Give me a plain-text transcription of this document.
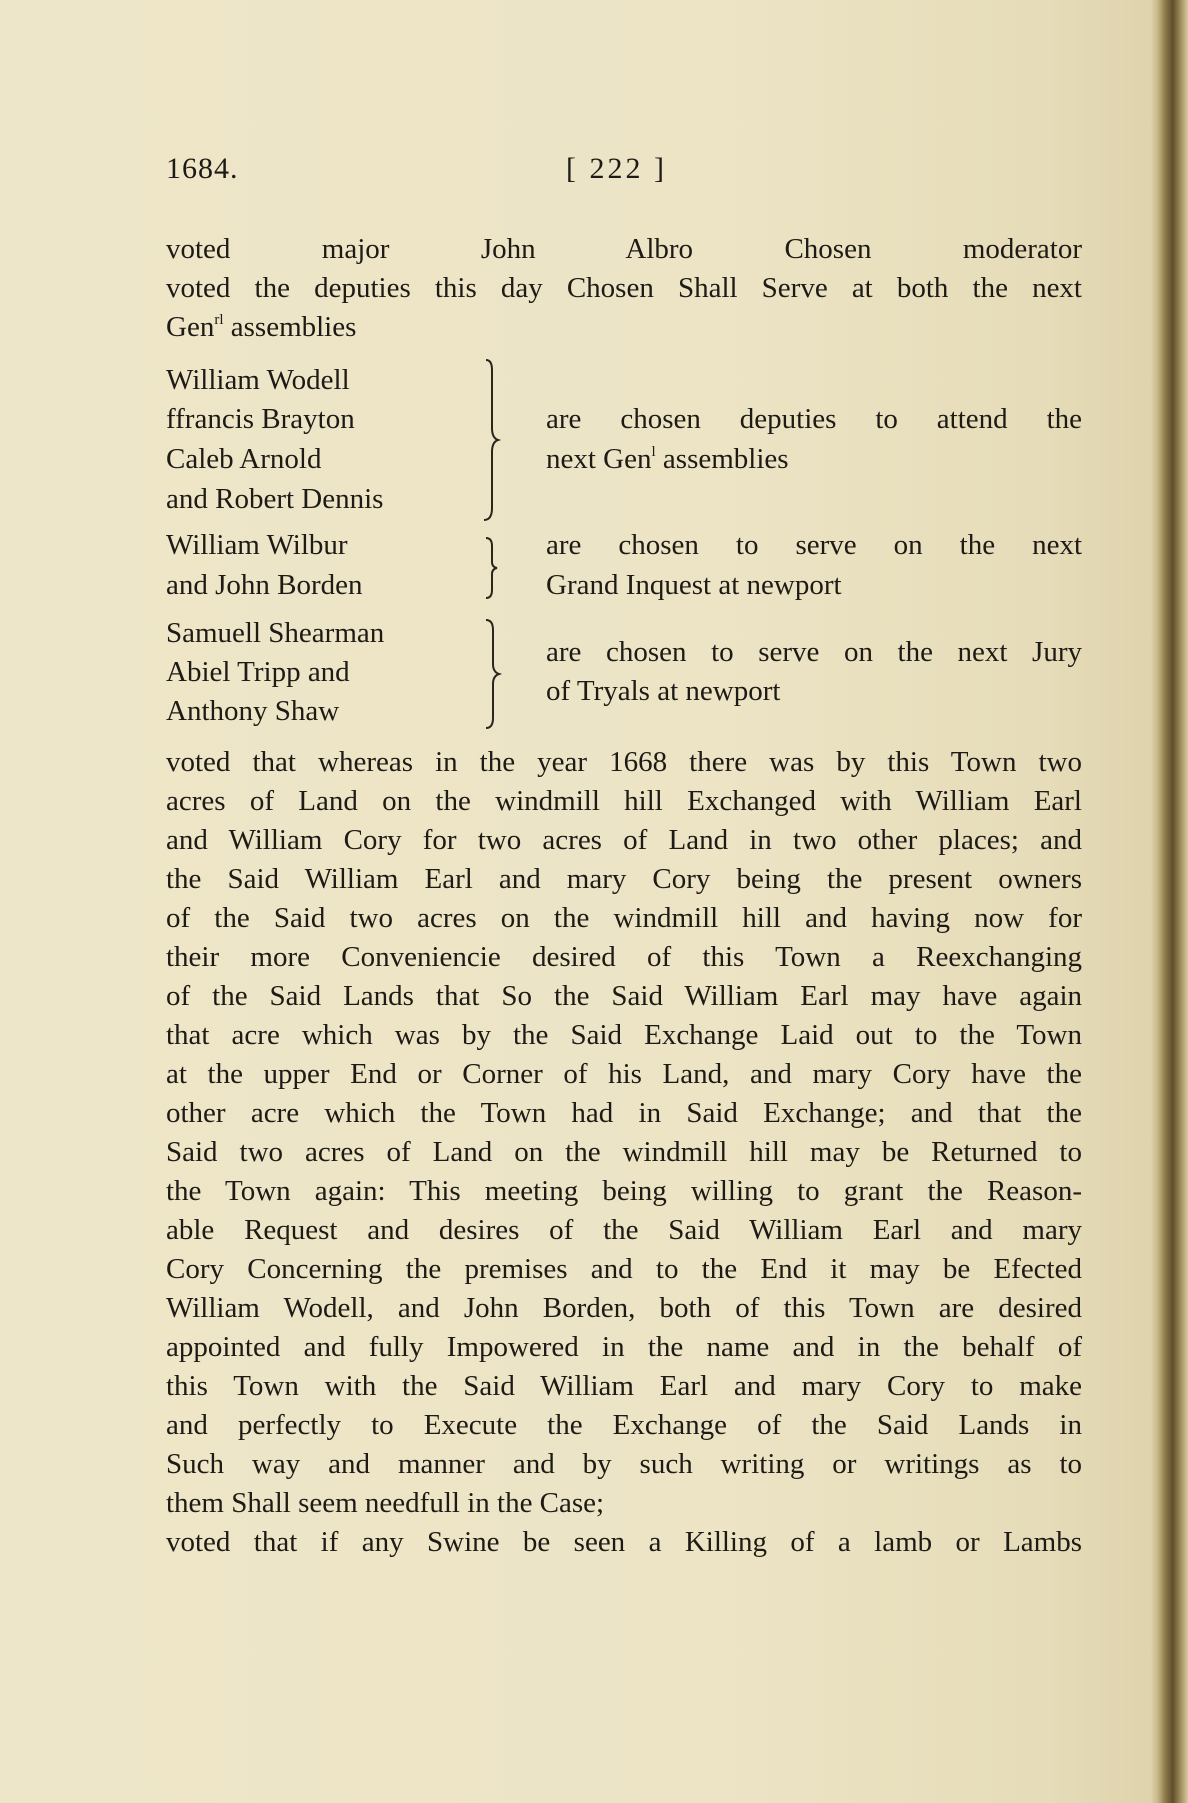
1684.	[ 222 ]
voted major John Albro Chosen moderator
voted the deputies this day Chosen Shall Serve at both the next
Gen$^{rl}$ assemblies
William Wodell
ffrancis Brayton
Caleb Arnold
and Robert Dennis
are chosen deputies to attend the
next Gen$^l$ assemblies
William Wilbur
and John Borden
are chosen to serve on the next
Grand Inquest at newport
Samuell Shearman
Abiel Tripp and
Anthony Shaw
are chosen to serve on the next Jury
of Tryals at newport
voted that whereas in the year 1668 there was by this Town two
acres of Land on the windmill hill Exchanged with William Earl
and William Cory for two acres of Land in two other places; and
the Said William Earl and mary Cory being the present owners
of the Said two acres on the windmill hill and having now for
their more Conveniencie desired of this Town a Reexchanging
of the Said Lands that So the Said William Earl may have again
that acre which was by the Said Exchange Laid out to the Town
at the upper End or Corner of his Land, and mary Cory have the
other acre which the Town had in Said Exchange; and that the
Said two acres of Land on the windmill hill may be Returned to
the Town again: This meeting being willing to grant the Reason-
able Request and desires of the Said William Earl and mary
Cory Concerning the premises and to the End it may be Efected
William Wodell, and John Borden, both of this Town are desired
appointed and fully Impowered in the name and in the behalf of
this Town with the Said William Earl and mary Cory to make
and perfectly to Execute the Exchange of the Said Lands in
Such way and manner and by such writing or writings as to
them Shall seem needfull in the Case;
voted that if any Swine be seen a Killing of a lamb or Lambs
